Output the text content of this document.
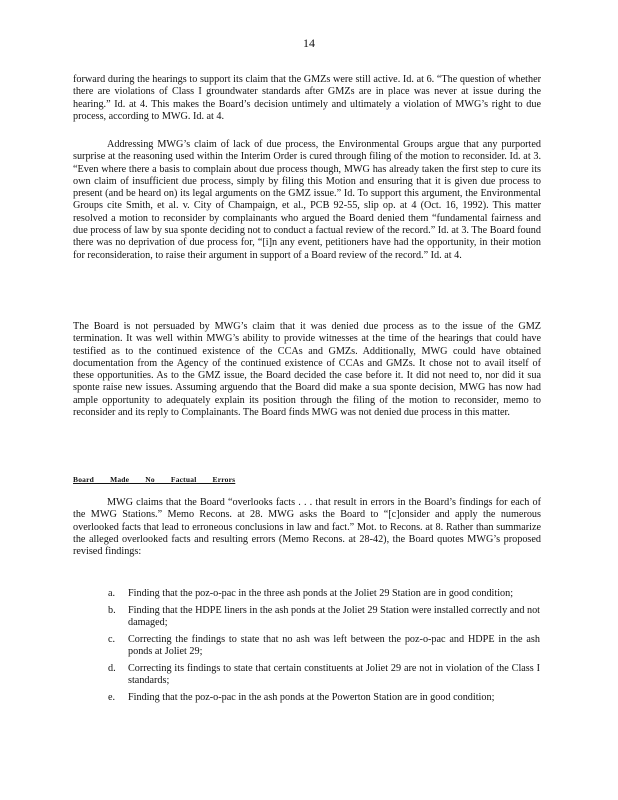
14

forward during the hearings to support its claim that the GMZs were still active. Id. at 6. “The question of whether there are violations of Class I groundwater standards after GMZs are in place was never at issue during the hearing.” Id. at 4. This makes the Board’s decision untimely and ultimately a violation of MWG’s right to due process, according to MWG. Id. at 4.

Addressing MWG’s claim of lack of due process, the Environmental Groups argue that any purported surprise at the reasoning used within the Interim Order is cured through filing of the motion to reconsider. Id. at 3. “Even where there a basis to complain about due process though, MWG has already taken the first step to cure its own claim of insufficient due process, simply by filing this Motion and ensuring that it is given due process to present (and be heard on) its legal arguments on the GMZ issue.” Id. To support this argument, the Environmental Groups cite Smith, et al. v. City of Champaign, et al., PCB 92-55, slip op. at 4 (Oct. 16, 1992). This matter resolved a motion to reconsider by complainants who argued the Board denied them “fundamental fairness and due process of law by sua sponte deciding not to conduct a factual review of the record.” Id. at 3. The Board found there was no deprivation of due process for, “[i]n any event, petitioners have had the opportunity, in their motion for reconsideration, to raise their argument in support of a Board review of the record.” Id. at 4.

The Board is not persuaded by MWG’s claim that it was denied due process as to the issue of the GMZ termination. It was well within MWG’s ability to provide witnesses at the time of the hearings that could have testified as to the continued existence of the CCAs and GMZs. Additionally, MWG could have obtained documentation from the Agency of the continued existence of CCAs and GMZs. It chose not to avail itself of these opportunities. As to the GMZ issue, the Board decided the case before it. It did not need to, nor did it sua sponte raise new issues. Assuming arguendo that the Board did make a sua sponte decision, MWG has now had ample opportunity to adequately explain its position through the filing of the motion to reconsider, memo to reconsider and its reply to Complainants. The Board finds MWG was not denied due process in this matter.

Board Made No Factual Errors

MWG claims that the Board “overlooks facts . . . that result in errors in the Board’s findings for each of the MWG Stations.” Memo Recons. at 28. MWG asks the Board to “[c]onsider and apply the numerous overlooked facts that lead to erroneous conclusions in law and fact.” Mot. to Recons. at 8. Rather than summarize the alleged overlooked facts and resulting errors (Memo Recons. at 28-42), the Board quotes MWG’s proposed revised findings:

a. Finding that the poz-o-pac in the three ash ponds at the Joliet 29 Station are in good condition;
b. Finding that the HDPE liners in the ash ponds at the Joliet 29 Station were installed correctly and not damaged;
c. Correcting the findings to state that no ash was left between the poz-o-pac and HDPE in the ash ponds at Joliet 29;
d. Correcting its findings to state that certain constituents at Joliet 29 are not in violation of the Class I standards;
e. Finding that the poz-o-pac in the ash ponds at the Powerton Station are in good condition;
